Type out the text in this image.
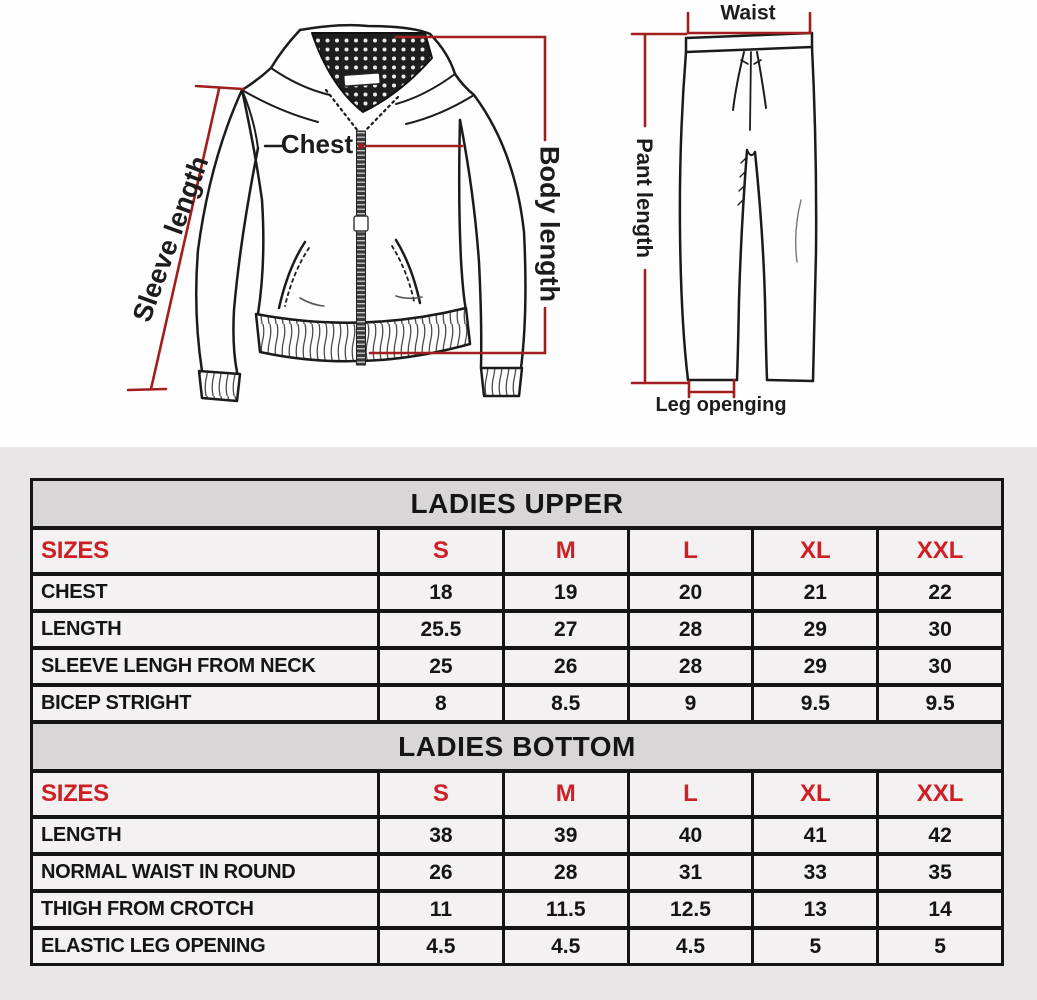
Sleeve length
Chest
Body length
Waist
Pant length
Leg openging
LADIES UPPER
SIZES	S	M	L	XL	XXL
CHEST	18	19	20	21	22
LENGTH	25.5	27	28	29	30
SLEEVE LENGH FROM NECK	25	26	28	29	30
BICEP STRIGHT	8	8.5	9	9.5	9.5
LADIES BOTTOM
SIZES	S	M	L	XL	XXL
LENGTH	38	39	40	41	42
NORMAL WAIST IN ROUND	26	28	31	33	35
THIGH FROM CROTCH	11	11.5	12.5	13	14
ELASTIC LEG OPENING	4.5	4.5	4.5	5	5
